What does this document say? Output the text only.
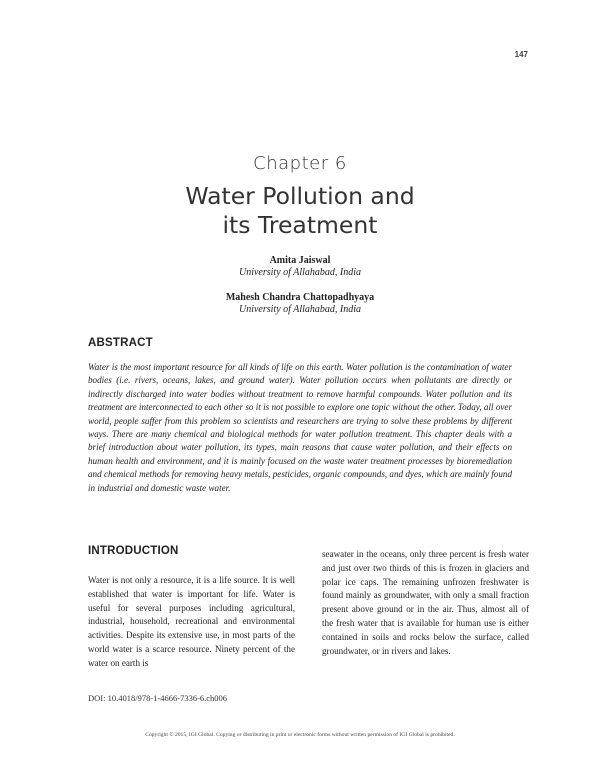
147
Chapter 6
Water Pollution and
its Treatment
Amita Jaiswal
University of Allahabad, India
Mahesh Chandra Chattopadhyaya
University of Allahabad, India
ABSTRACT

Water is the most important resource for all kinds of life on this earth. Water pollution is the contamination of water bodies (i.e. rivers, oceans, lakes, and ground water). Water pollution occurs when pollutants are directly or indirectly discharged into water bodies without treatment to remove harmful compounds. Water pollution and its treatment are interconnected to each other so it is not possible to explore one topic without the other. Today, all over world, people suffer from this problem so scientists and researchers are trying to solve these problems by different ways. There are many chemical and biological methods for water pollution treatment. This chapter deals with a brief introduction about water pollution, its types, main reasons that cause water pollution, and their effects on human health and environment, and it is mainly focused on the waste water treatment processes by bioremediation and chemical methods for removing heavy metals, pesticides, organic compounds, and dyes, which are mainly found in industrial and domestic waste water.

INTRODUCTION

Water is not only a resource, it is a life source. It is well established that water is important for life. Water is useful for several purposes including agricultural, industrial, household, recreational and environmental activities. Despite its extensive use, in most parts of the world water is a scarce resource. Ninety percent of the water on earth is

seawater in the oceans, only three percent is fresh water and just over two thirds of this is frozen in glaciers and polar ice caps. The remaining unfrozen freshwater is found mainly as groundwater, with only a small fraction present above ground or in the air. Thus, almost all of the fresh water that is available for human use is either contained in soils and rocks below the surface, called groundwater, or in rivers and lakes.

DOI: 10.4018/978-1-4666-7336-6.ch006
Copyright © 2015, IGI Global. Copying or distributing in print or electronic forms without written permission of IGI Global is prohibited.
